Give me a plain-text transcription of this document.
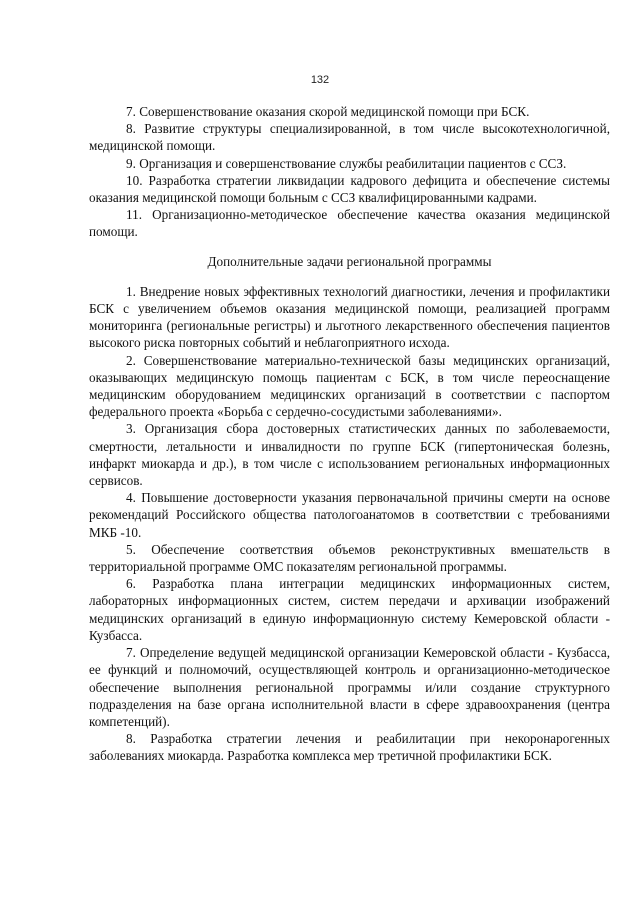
132

7. Совершенствование оказания скорой медицинской помощи при БСК.

8. Развитие структуры специализированной, в том числе высокотехнологичной, медицинской помощи.

9. Организация и совершенствование службы реабилитации пациентов с ССЗ.

10. Разработка стратегии ликвидации кадрового дефицита и обеспечение системы оказания медицинской помощи больным с ССЗ квалифицированными кадрами.

11. Организационно-методическое обеспечение качества оказания медицинской помощи.

Дополнительные задачи региональной программы

1. Внедрение новых эффективных технологий диагностики, лечения и профилактики БСК с увеличением объемов оказания медицинской помощи, реализацией программ мониторинга (региональные регистры) и льготного лекарственного обеспечения пациентов высокого риска повторных событий и неблагоприятного исхода.

2. Совершенствование материально-технической базы медицинских организаций, оказывающих медицинскую помощь пациентам с БСК, в том числе переоснащение медицинским оборудованием медицинских организаций в соответствии с паспортом федерального проекта «Борьба с сердечно-сосудистыми заболеваниями».

3. Организация сбора достоверных статистических данных по заболеваемости, смертности, летальности и инвалидности по группе БСК (гипертоническая болезнь, инфаркт миокарда и др.), в том числе с использованием региональных информационных сервисов.

4. Повышение достоверности указания первоначальной причины смерти на основе рекомендаций Российского общества патологоанатомов в соответствии с требованиями МКБ -10.

5. Обеспечение соответствия объемов реконструктивных вмешательств в территориальной программе ОМС показателям региональной программы.

6. Разработка плана интеграции медицинских информационных систем, лабораторных информационных систем, систем передачи и архивации изображений медицинских организаций в единую информационную систему Кемеровской области - Кузбасса.

7. Определение ведущей медицинской организации Кемеровской области - Кузбасса, ее функций и полномочий, осуществляющей контроль и организационно-методическое обеспечение выполнения региональной программы и/или создание структурного подразделения на базе органа исполнительной власти в сфере здравоохранения (центра компетенций).

8. Разработка стратегии лечения и реабилитации при некоронарогенных заболеваниях миокарда. Разработка комплекса мер третичной профилактики БСК.
